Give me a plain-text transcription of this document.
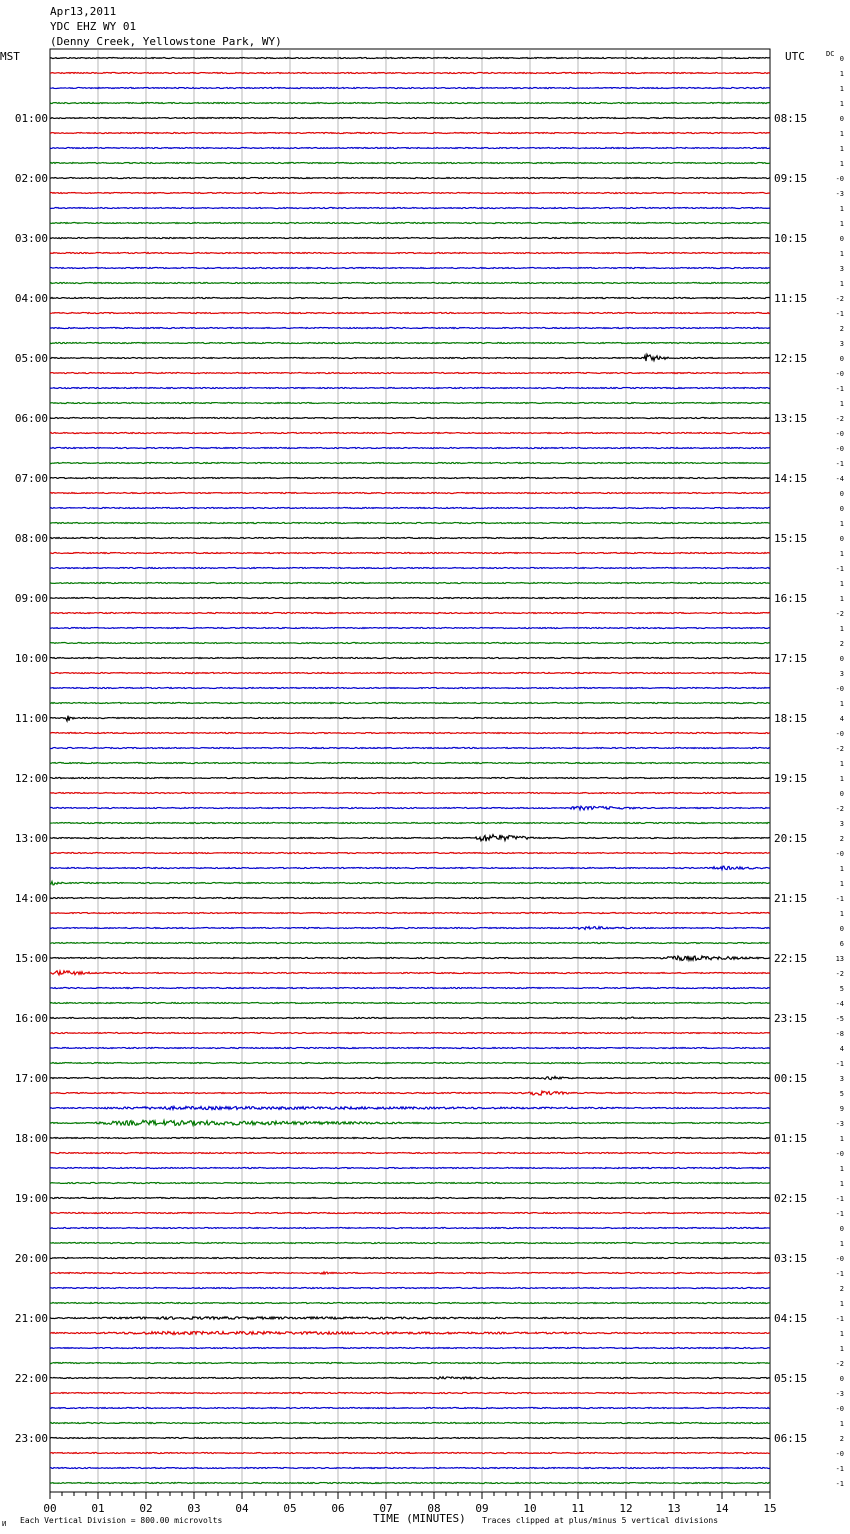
01:00
02:00
03:00
04:00
05:00
06:00
07:00
08:00
09:00
10:00
11:00
12:00
13:00
14:00
15:00
16:00
17:00
18:00
19:00
20:00
21:00
22:00
23:00
08:15
09:15
10:15
11:15
12:15
13:15
14:15
15:15
16:15
17:15
18:15
19:15
20:15
21:15
22:15
23:15
00:15
01:15
02:15
03:15
04:15
05:15
06:15
0
1
1
1
0
1
1
1
-0
-3
1
1
0
1
3
1
-2
-1
2
3
0
-0
-1
1
-2
-0
-0
-1
-4
0
0
1
0
1
-1
1
1
-2
1
2
0
3
-0
1
4
-0
-2
1
1
0
-2
3
2
-0
1
1
-1
1
0
6
13
-2
5
-4
-5
-8
4
-1
3
5
9
-3
1
-0
1
1
-1
-1
0
1
-0
-1
2
1
-1
1
1
-2
0
-3
-0
1
2
-0
-1
-1
00	01	02	03	04	05	06	07	08	09	10	11	12	13	14	15
Apr13,2011
YDC EHZ WY 01
(Denny Creek, Yellowstone Park, WY)
MST	UTC	DC
И Each Vertical Division = 800.00 microvolts	TIME (MINUTES) Traces clipped at plus/minus 5 vertical divisions
